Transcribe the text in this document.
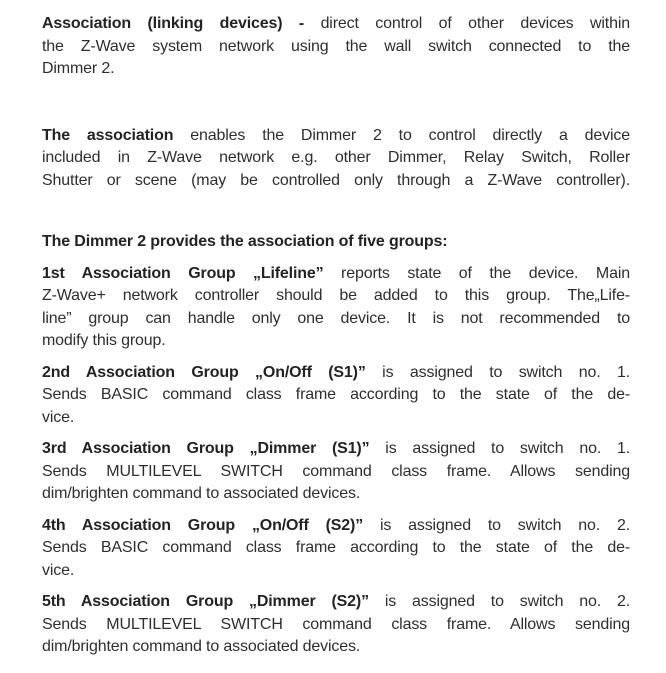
Association (linking devices) - direct control of other devices within
the Z-Wave system network using the wall switch connected to the
Dimmer 2.
The association enables the Dimmer 2 to control directly a device
included in Z-Wave network e.g. other Dimmer, Relay Switch, Roller
Shutter or scene (may be controlled only through a Z-Wave controller).
The Dimmer 2 provides the association of five groups:
1st Association Group „Lifeline” reports state of the device. Main
Z-Wave+ network controller should be added to this group. The„Life-
line” group can handle only one device. It is not recommended to
modify this group.
2nd Association Group „On/Off (S1)” is assigned to switch no. 1.
Sends BASIC command class frame according to the state of the de-
vice.
3rd Association Group „Dimmer (S1)” is assigned to switch no. 1.
Sends MULTILEVEL SWITCH command class frame. Allows sending
dim/brighten command to associated devices.
4th Association Group „On/Off (S2)” is assigned to switch no. 2.
Sends BASIC command class frame according to the state of the de-
vice.
5th Association Group „Dimmer (S2)” is assigned to switch no. 2.
Sends MULTILEVEL SWITCH command class frame. Allows sending
dim/brighten command to associated devices.
